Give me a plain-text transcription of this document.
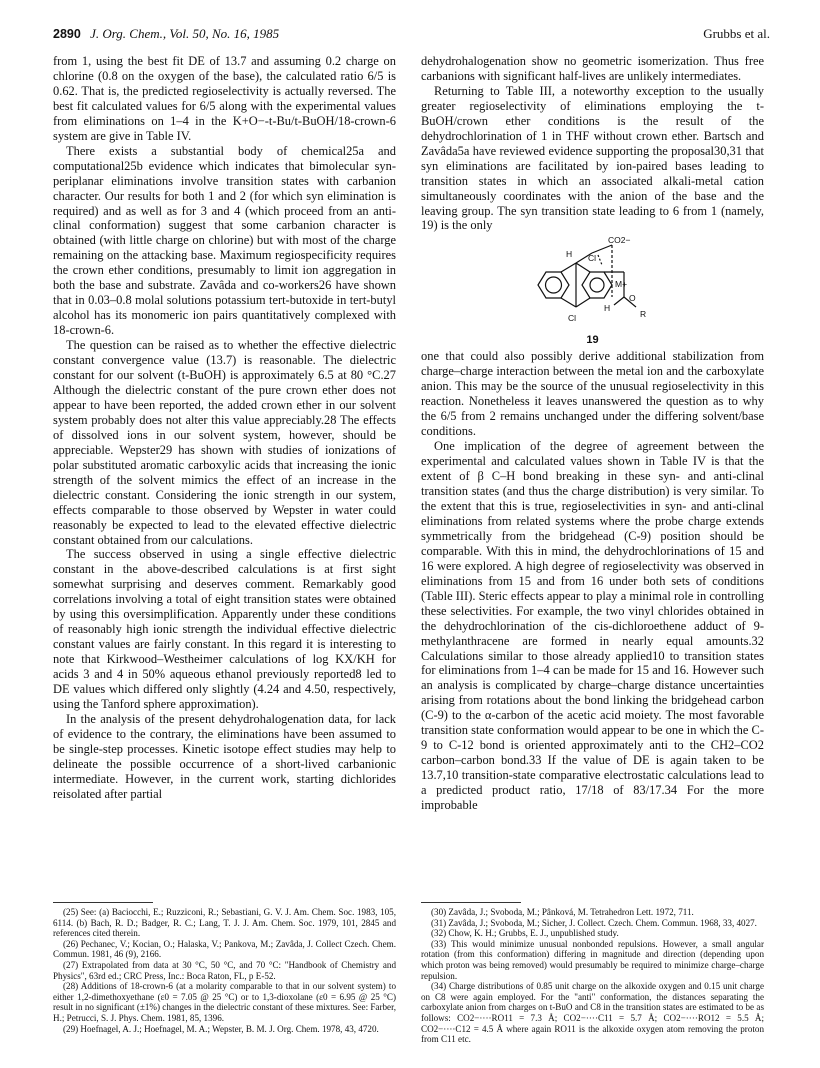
2890 J. Org. Chem., Vol. 50, No. 16, 1985	Grubbs et al.

from 1, using the best fit DE of 13.7 and assuming 0.2 charge on chlorine (0.8 on the oxygen of the base), the calculated ratio 6/5 is 0.62. That is, the predicted regioselectivity is actually reversed. The best fit calculated values for 6/5 along with the experimental values from eliminations on 1–4 in the K+O−-t-Bu/t-BuOH/18-crown-6 system are give in Table IV.

There exists a substantial body of chemical25a and computational25b evidence which indicates that bimolecular syn-periplanar eliminations involve transition states with carbanion character. Our results for both 1 and 2 (for which syn elimination is required) and as well as for 3 and 4 (which proceed from an anti-clinal conformation) suggest that some carbanion character is obtained (with little charge on chlorine) but with most of the charge remaining on the attacking base. Maximum regiospecificity requires the crown ether conditions, presumably to limit ion aggregation in both the base and substrate. Zavâda and co-workers26 have shown that in 0.03–0.8 molal solutions potassium tert-butoxide in tert-butyl alcohol has its monomeric ion pairs quantitatively complexed with 18-crown-6.

The question can be raised as to whether the effective dielectric constant convergence value (13.7) is reasonable. The dielectric constant for our solvent (t-BuOH) is approximately 6.5 at 80 °C.27 Although the dielectric constant of the pure crown ether does not appear to have been reported, the added crown ether in our solvent system probably does not alter this value appreciably.28 The effects of dissolved ions in our solvent system, however, should be appreciable. Wepster29 has shown with studies of ionizations of polar substituted aromatic carboxylic acids that increasing the ionic strength of the solvent mimics the effect of an increase in the dielectric constant. Considering the ionic strength in our system, effects comparable to those observed by Wepster in water could reasonably be expected to lead to the elevated effective dielectric constant obtained from our calculations.

The success observed in using a single effective dielectric constant in the above-described calculations is at first sight somewhat surprising and deserves comment. Remarkably good correlations involving a total of eight transition states were obtained by using this oversimplification. Apparently under these conditions of reasonably high ionic strength the individual effective dielectric constant values are fairly constant. In this regard it is interesting to note that Kirkwood–Westheimer calculations of log KX/KH for acids 3 and 4 in 50% aqueous ethanol previously reported8 led to DE values which differed only slightly (4.24 and 4.50, respectively, using the Tanford sphere approximation).

In the analysis of the present dehydrohalogenation data, for lack of evidence to the contrary, the eliminations have been assumed to be single-step processes. Kinetic isotope effect studies may help to delineate the possible occurrence of a short-lived carbanionic intermediate. However, in the current work, starting dichlorides reisolated after partial

dehydrohalogenation show no geometric isomerization. Thus free carbanions with significant half-lives are unlikely intermediates.

Returning to Table III, a noteworthy exception to the usually greater regioselectivity of eliminations employing the t-BuOH/crown ether conditions is the result of the dehydrochlorination of 1 in THF without crown ether. Bartsch and Zavâda5a have reviewed evidence supporting the proposal30,31 that syn eliminations are facilitated by ion-paired bases leading to transition states in which an associated alkali-metal cation simultaneously coordinates with the anion of the base and the leaving group. The syn transition state leading to 6 from 1 (namely, 19) is the only

H Cl
CO2−
M+
O
R
Cl
H
19

one that could also possibly derive additional stabilization from charge–charge interaction between the metal ion and the carboxylate anion. This may be the source of the unusual regioselectivity in this reaction. Nonetheless it leaves unanswered the question as to why the 6/5 from 2 remains unchanged under the differing solvent/base conditions.

One implication of the degree of agreement between the experimental and calculated values shown in Table IV is that the extent of β C–H bond breaking in these syn- and anti-clinal transition states (and thus the charge distribution) is very similar. To the extent that this is true, regioselectivities in syn- and anti-clinal eliminations from related systems where the probe charge extends symmetrically from the bridgehead (C-9) position should be comparable. With this in mind, the dehydrochlorinations of 15 and 16 were explored. A high degree of regioselectivity was observed in eliminations from 15 and from 16 under both sets of conditions (Table III). Steric effects appear to play a minimal role in controlling these selectivities. For example, the two vinyl chlorides obtained in the dehydrochlorination of the cis-dichloroethene adduct of 9-methylanthracene are formed in nearly equal amounts.32 Calculations similar to those already applied10 to transition states for eliminations from 1–4 can be made for 15 and 16. However such an analysis is complicated by charge–charge distance uncertainties arising from rotations about the bond linking the bridgehead carbon (C-9) to the α-carbon of the acetic acid moiety. The most favorable transition state conformation would appear to be one in which the C-9 to C-12 bond is oriented approximately anti to the CH2–CO2 carbon–carbon bond.33 If the value of DE is again taken to be 13.7,10 transition-state comparative electrostatic calculations lead to a predicted product ratio, 17/18 of 83/17.34 For the more improbable

(25) See: (a) Baciocchi, E.; Ruzziconi, R.; Sebastiani, G. V. J. Am. Chem. Soc. 1983, 105, 6114. (b) Bach, R. D.; Badger, R. C.; Lang, T. J. J. Am. Chem. Soc. 1979, 101, 2845 and references cited therein.

(26) Pechanec, V.; Kocian, O.; Halaska, V.; Pankova, M.; Zavâda, J. Collect Czech. Chem. Commun. 1981, 46 (9), 2166.

(27) Extrapolated from data at 30 °C, 50 °C, and 70 °C: "Handbook of Chemistry and Physics", 63rd ed.; CRC Press, Inc.: Boca Raton, FL, p E-52.

(28) Additions of 18-crown-6 (at a molarity comparable to that in our solvent system) to either 1,2-dimethoxyethane (ε0 = 7.05 @ 25 °C) or to 1,3-dioxolane (ε0 = 6.95 @ 25 °C) result in no significant (±1%) changes in the dielectric constant of these mixtures. See: Farber, H.; Petrucci, S. J. Phys. Chem. 1981, 85, 1396.

(29) Hoefnagel, A. J.; Hoefnagel, M. A.; Wepster, B. M. J. Org. Chem. 1978, 43, 4720.

(30) Zavâda, J.; Svoboda, M.; Pânková, M. Tetrahedron Lett. 1972, 711.

(31) Zavâda, J.; Svoboda, M.; Sicher, J. Collect. Czech. Chem. Commun. 1968, 33, 4027.

(32) Chow, K. H.; Grubbs, E. J., unpublished study.

(33) This would minimize unusual nonbonded repulsions. However, a small angular rotation (from this conformation) differing in magnitude and direction (depending upon which proton was being removed) would presumably be required to minimize charge–charge repulsion.

(34) Charge distributions of 0.85 unit charge on the alkoxide oxygen and 0.15 unit charge on C8 were again employed. For the "anti" conformation, the distances separating the carboxylate anion from charges on t-BuO and C8 in the transition states are estimated to be as follows: CO2−····RO11 = 7.3 Å; CO2−····C11 = 5.7 Å; CO2−····RO12 = 5.5 Å; CO2−····C12 = 4.5 Å where again RO11 is the alkoxide oxygen atom removing the proton from C11 etc.
